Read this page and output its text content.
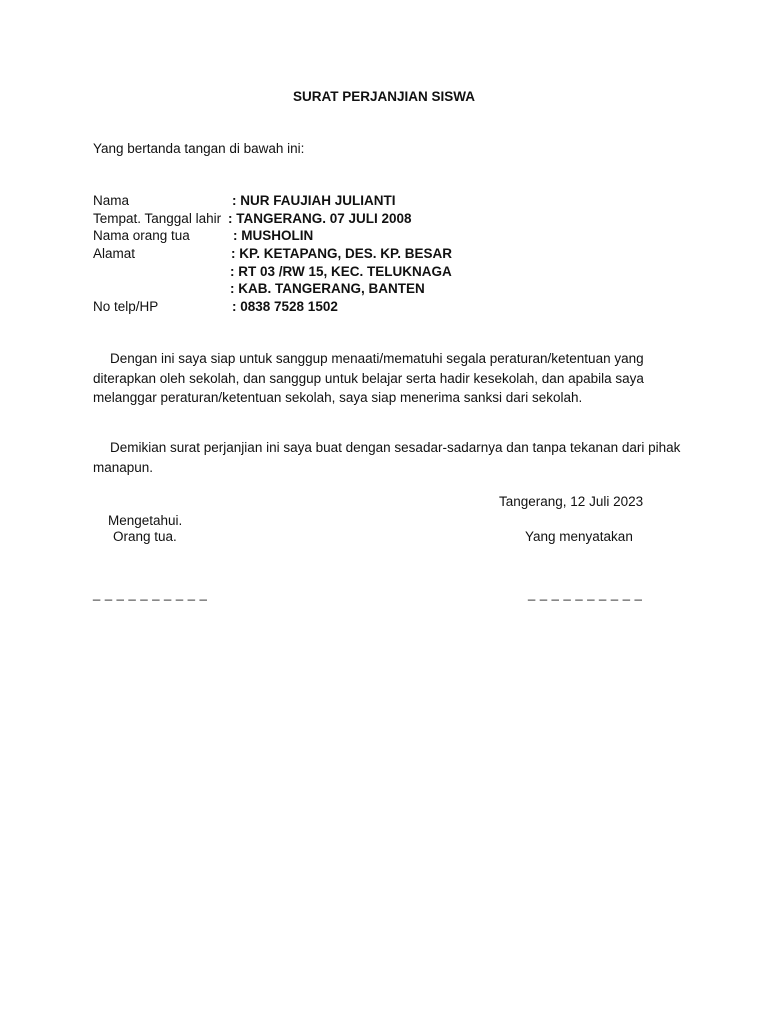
SURAT PERJANJIAN SISWA
Yang bertanda tangan di bawah ini:
Nama	: NUR FAUJIAH JULIANTI
Tempat. Tanggal lahir : TANGERANG. 07 JULI 2008
Nama orang tua	: MUSHOLIN
Alamat	: KP. KETAPANG, DES. KP. BESAR
: RT 03 /RW 15, KEC. TELUKNAGA
: KAB. TANGERANG, BANTEN
No telp/HP	: 0838 7528 1502

Dengan ini saya siap untuk sanggup menaati/mematuhi segala peraturan/ketentuan yang diterapkan oleh sekolah, dan sanggup untuk belajar serta hadir kesekolah, dan apabila saya melanggar peraturan/ketentuan sekolah, saya siap menerima sanksi dari sekolah.

Demikian surat perjanjian ini saya buat dengan sesadar-sadarnya dan tanpa tekanan dari pihak manapun.

Tangerang, 12 Juli 2023
Mengetahui.
Orang tua.	Yang menyatakan
_ _ _ _ _ _ _ _ _ _	_ _ _ _ _ _ _ _ _ _
